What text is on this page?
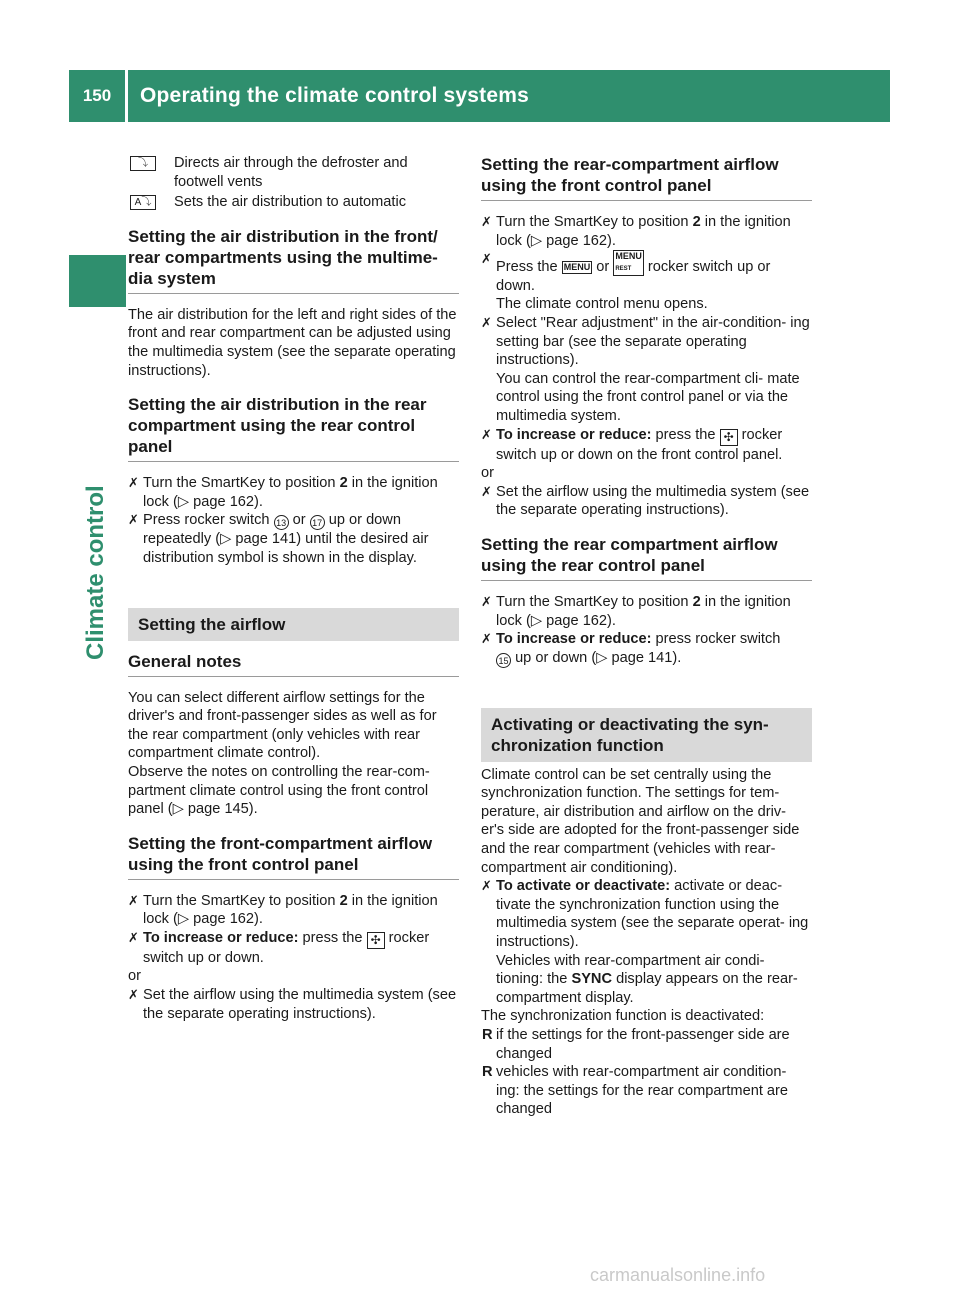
150	Operating the climate control systems
Climate control
⤵	Directs air through the defroster and footwell vents
A⤵	Sets the air distribution to automatic

Setting the air distribution in the front/ rear compartments using the multime- dia system

The air distribution for the left and right sides of the front and rear compartment can be adjusted using the multimedia system (see the separate operating instructions).

Setting the air distribution in the rear compartment using the rear control panel

✗ Turn the SmartKey to position 2 in the ignition lock (▷ page 162).

✗ Press rocker switch 13 or 17 up or down repeatedly (▷ page 141) until the desired air distribution symbol is shown in the display.

Setting the airflow

General notes

You can select different airflow settings for the driver's and front-passenger sides as well as for the rear compartment (only vehicles with rear compartment climate control).

Observe the notes on controlling the rear-com- partment climate control using the front control panel (▷ page 145).

Setting the front-compartment airflow using the front control panel

✗ Turn the SmartKey to position 2 in the ignition lock (▷ page 162).

✗ To increase or reduce: press the ✣ rocker switch up or down.

or

✗ Set the airflow using the multimedia system (see the separate operating instructions).

Setting the rear-compartment airflow using the front control panel

✗ Turn the SmartKey to position 2 in the ignition lock (▷ page 162).

✗
Press the MENU or MENU
REST rocker switch up or down.
The climate control menu opens.

✗ Select "Rear adjustment" in the air-condition- ing setting bar (see the separate operating instructions).
You can control the rear-compartment cli- mate control using the front control panel or via the multimedia system.

✗ To increase or reduce: press the ✣ rocker switch up or down on the front control panel.

or

✗ Set the airflow using the multimedia system (see the separate operating instructions).

Setting the rear compartment airflow using the rear control panel

✗ Turn the SmartKey to position 2 in the ignition lock (▷ page 162).

✗ To increase or reduce: press rocker switch
15 up or down (▷ page 141).

Activating or deactivating the syn- chronization function

Climate control can be set centrally using the synchronization function. The settings for tem- perature, air distribution and airflow on the driv- er's side are adopted for the front-passenger side and the rear compartment (vehicles with rear-compartment air conditioning).

✗ To activate or deactivate: activate or deac- tivate the synchronization function using the multimedia system (see the separate operat- ing instructions).
Vehicles with rear-compartment air condi- tioning: the SYNC display appears on the rear-compartment display.

The synchronization function is deactivated:

R if the settings for the front-passenger side are changed

R vehicles with rear-compartment air condition- ing: the settings for the rear compartment are changed

carmanualsonline.info
